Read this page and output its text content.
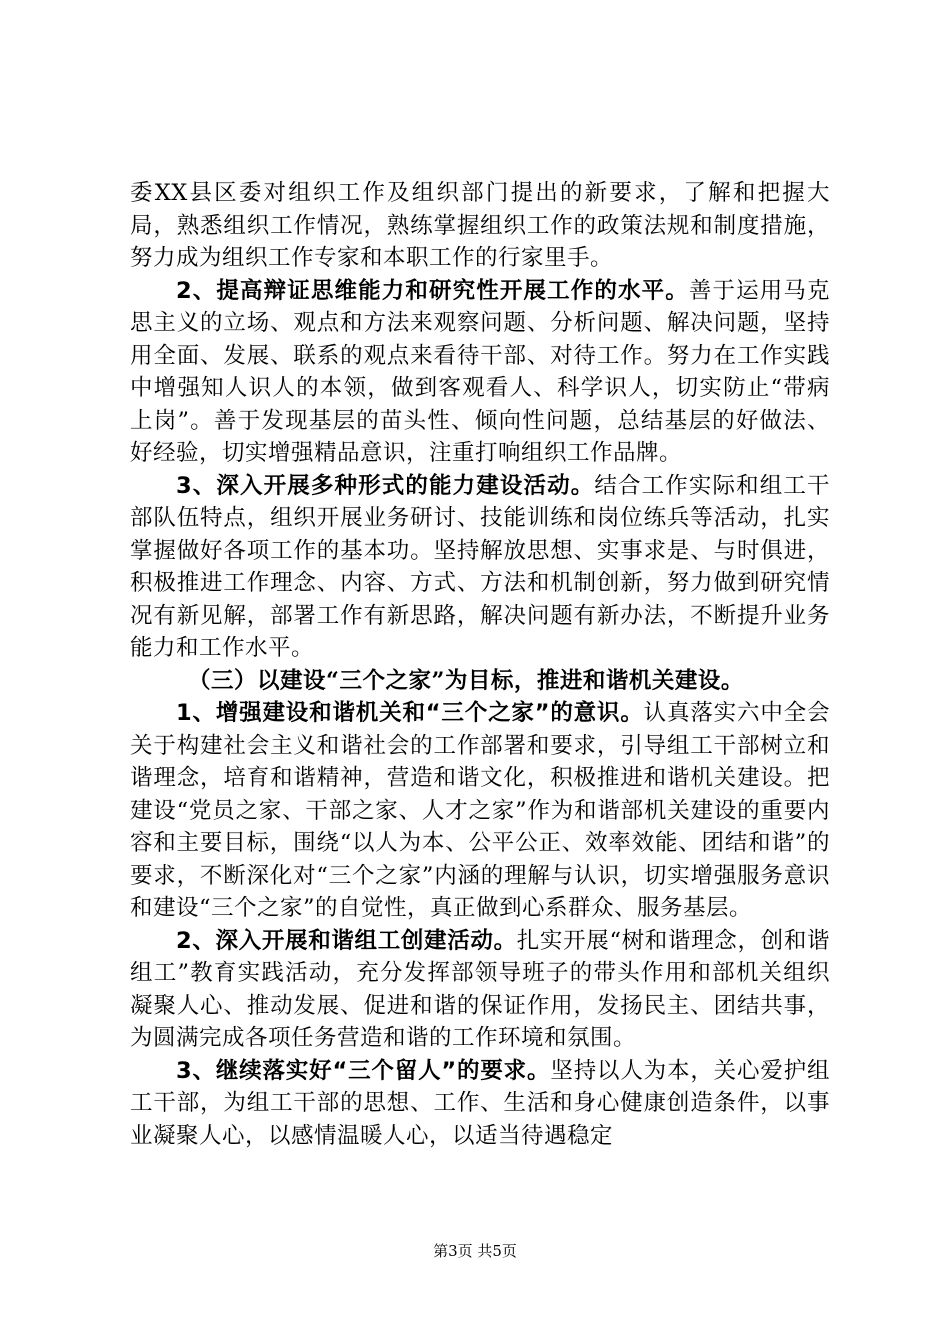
委XX县区委对组织工作及组织部门提出的新要求，了解和把握大局，熟悉组织工作情况，熟练掌握组织工作的政策法规和制度措施，努力成为组织工作专家和本职工作的行家里手。

2、提高辩证思维能力和研究性开展工作的水平。善于运用马克思主义的立场、观点和方法来观察问题、分析问题、解决问题，坚持用全面、发展、联系的观点来看待干部、对待工作。努力在工作实践中增强知人识人的本领，做到客观看人、科学识人，切实防止“带病上岗”。善于发现基层的苗头性、倾向性问题，总结基层的好做法、好经验，切实增强精品意识，注重打响组织工作品牌。

3、深入开展多种形式的能力建设活动。结合工作实际和组工干部队伍特点，组织开展业务研讨、技能训练和岗位练兵等活动，扎实掌握做好各项工作的基本功。坚持解放思想、实事求是、与时俱进，积极推进工作理念、内容、方式、方法和机制创新，努力做到研究情况有新见解，部署工作有新思路，解决问题有新办法，不断提升业务能力和工作水平。

（三）以建设“三个之家”为目标，推进和谐机关建设。

1、增强建设和谐机关和“三个之家”的意识。认真落实六中全会关于构建社会主义和谐社会的工作部署和要求，引导组工干部树立和谐理念，培育和谐精神，营造和谐文化，积极推进和谐机关建设。把建设“党员之家、干部之家、人才之家”作为和谐部机关建设的重要内容和主要目标，围绕“以人为本、公平公正、效率效能、团结和谐”的要求，不断深化对“三个之家”内涵的理解与认识，切实增强服务意识和建设“三个之家”的自觉性，真正做到心系群众、服务基层。

2、深入开展和谐组工创建活动。扎实开展“树和谐理念，创和谐组工”教育实践活动，充分发挥部领导班子的带头作用和部机关组织凝聚人心、推动发展、促进和谐的保证作用，发扬民主、团结共事，为圆满完成各项任务营造和谐的工作环境和氛围。

3、继续落实好“三个留人”的要求。坚持以人为本，关心爱护组工干部，为组工干部的思想、工作、生活和身心健康创造条件，以事业凝聚人心，以感情温暖人心，以适当待遇稳定

第3页 共5页
